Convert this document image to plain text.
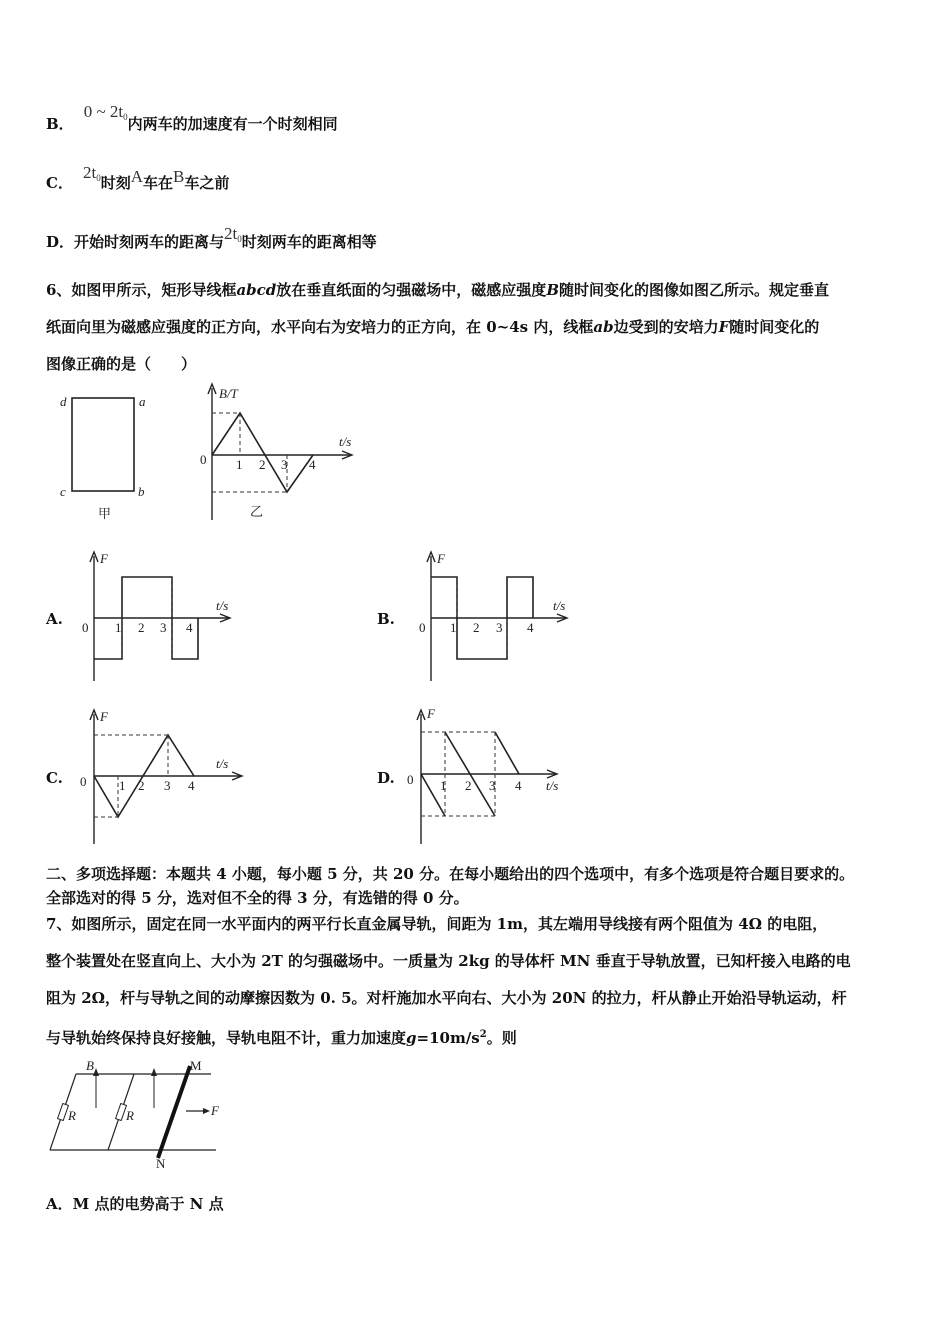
B．0 ~ $2t_0$内两车的加速度有一个时刻相同
C．$2t_0$时刻A车在B车之前
D．开始时刻两车的距离与$2t_0$时刻两车的距离相等
6、如图甲所示，矩形导线框abcd放在垂直纸面的匀强磁场中，磁感应强度B随时间变化的图像如图乙所示。规定垂直
纸面向里为磁感应强度的正方向，水平向右为安培力的正方向，在 0~4s 内，线框ab边受到的安培力F随时间变化的
图像正确的是（　　）
d	a
c	b
甲
B/T
t/s
0 1 2 3 4
乙
A.
F
t/s
0 1 2 3 4	B.
F
t/s
0 1 2 3 4
C.
F
t/s
0	1 2 3 4	D.
F
t/s
0 1 2 3 4
二、多项选择题：本题共 4 小题，每小题 5 分，共 20 分。在每小题给出的四个选项中，有多个选项是符合题目要求的。
全部选对的得 5 分，选对但不全的得 3 分，有选错的得 0 分。
7、如图所示，固定在同一水平面内的两平行长直金属导轨，间距为 1m，其左端用导线接有两个阻值为 4Ω 的电阻，
整个装置处在竖直向上、大小为 2T 的匀强磁场中。一质量为 2kg 的导体杆 MN 垂直于导轨放置，已知杆接入电路的电
阻为 2Ω，杆与导轨之间的动摩擦因数为 0. 5。对杆施加水平向右、大小为 20N 的拉力，杆从静止开始沿导轨运动，杆
与导轨始终保持良好接触，导轨电阻不计，重力加速度$g=10m/s^2$。则
B	M
N
R	R	F
A．M 点的电势高于 N 点
